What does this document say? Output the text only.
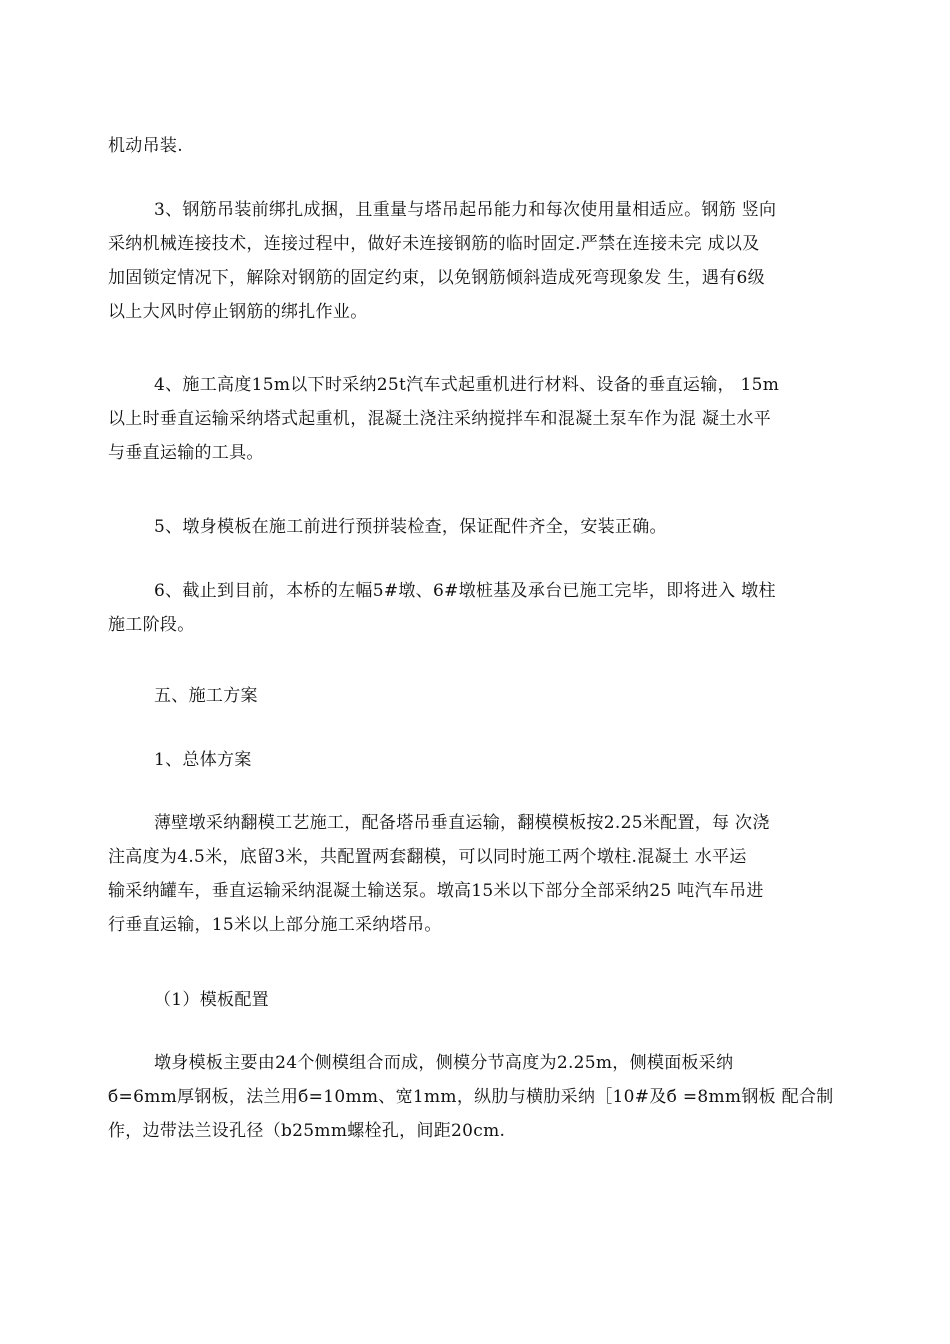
机动吊装.

3、钢筋吊装前绑扎成捆，且重量与塔吊起吊能力和每次使用量相适应。钢筋 竖向
采纳机械连接技术，连接过程中，做好未连接钢筋的临时固定.严禁在连接未完 成以及
加固锁定情况下，解除对钢筋的固定约束，以免钢筋倾斜造成死弯现象发 生，遇有6级
以上大风时停止钢筋的绑扎作业。

4、施工高度15m以下时采纳25t汽车式起重机进行材料、设备的垂直运输， 15m
以上时垂直运输采纳塔式起重机，混凝土浇注采纳搅拌车和混凝土泵车作为混 凝土水平
与垂直运输的工具。

5、墩身模板在施工前进行预拼装检查，保证配件齐全，安装正确。

6、截止到目前，本桥的左幅5#墩、6#墩桩基及承台已施工完毕，即将进入 墩柱
施工阶段。

五、施工方案

1、总体方案

薄壁墩采纳翻模工艺施工，配备塔吊垂直运输，翻模模板按2.25米配置，每 次浇
注高度为4.5米，底留3米，共配置两套翻模，可以同时施工两个墩柱.混凝土 水平运
输采纳罐车，垂直运输采纳混凝土输送泵。墩高15米以下部分全部采纳25 吨汽车吊进
行垂直运输，15米以上部分施工采纳塔吊。

（1）模板配置

墩身模板主要由24个侧模组合而成，侧模分节高度为2.25m，侧模面板采纳
б=6mm厚钢板，法兰用б=10mm、宽1mm，纵肋与横肋采纳［10#及б =8mm钢板 配合制
作，边带法兰设孔径（b25mm螺栓孔，间距20cm.
